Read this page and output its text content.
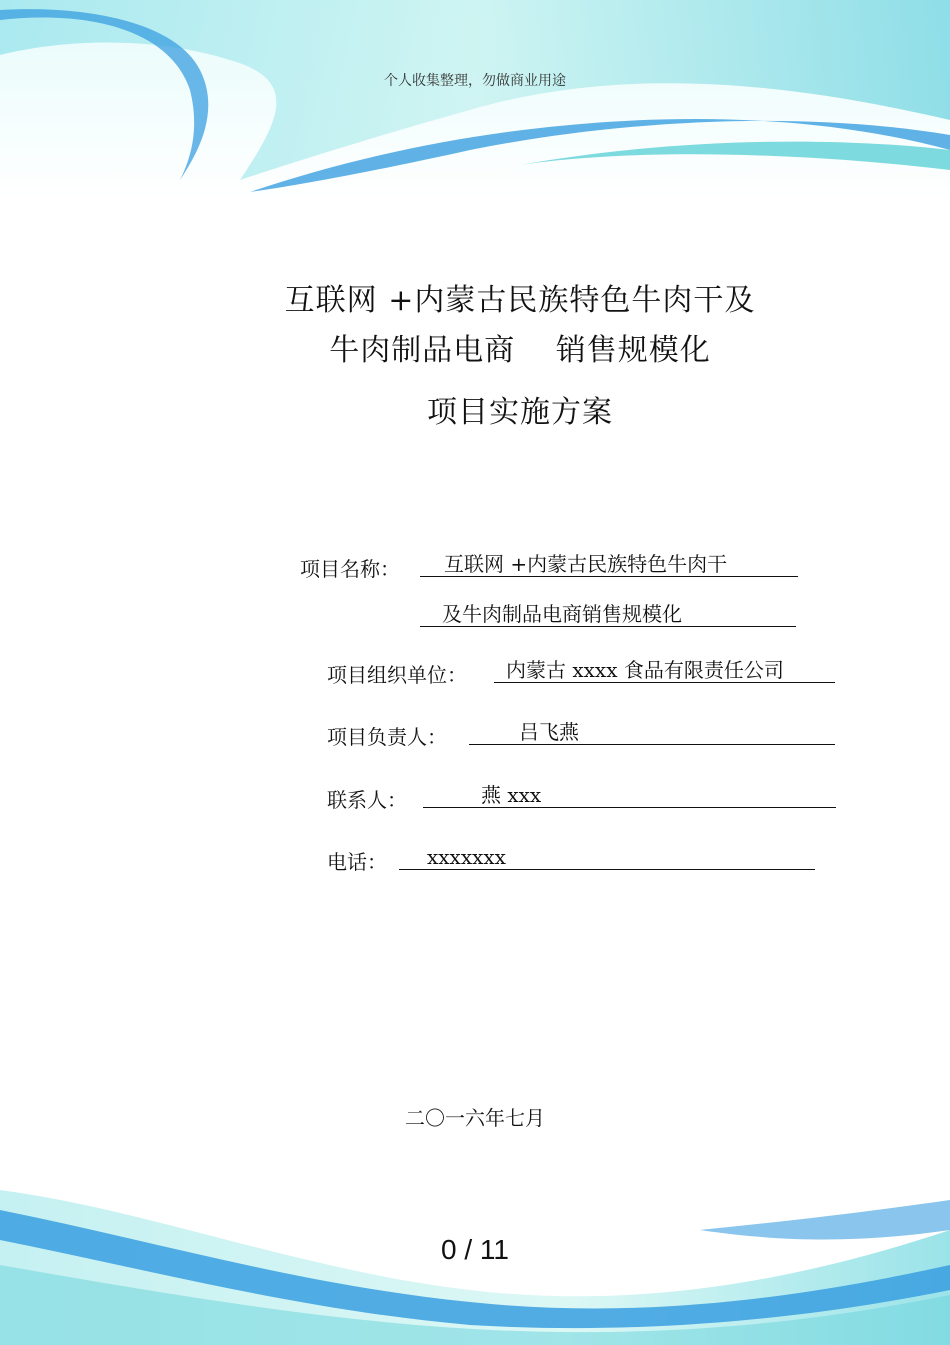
个人收集整理，勿做商业用途
互联网 +内蒙古民族特色牛肉干及
牛肉制品电商 销售规模化
项目实施方案
项目名称：	互联网 +内蒙古民族特色牛肉干
及牛肉制品电商销售规模化
项目组织单位：	内蒙古 xxxx 食品有限责任公司
项目负责人：	吕飞燕
联系人：	燕 xxx
电话：	xxxxxxx
二〇一六年七月
0 / 11
